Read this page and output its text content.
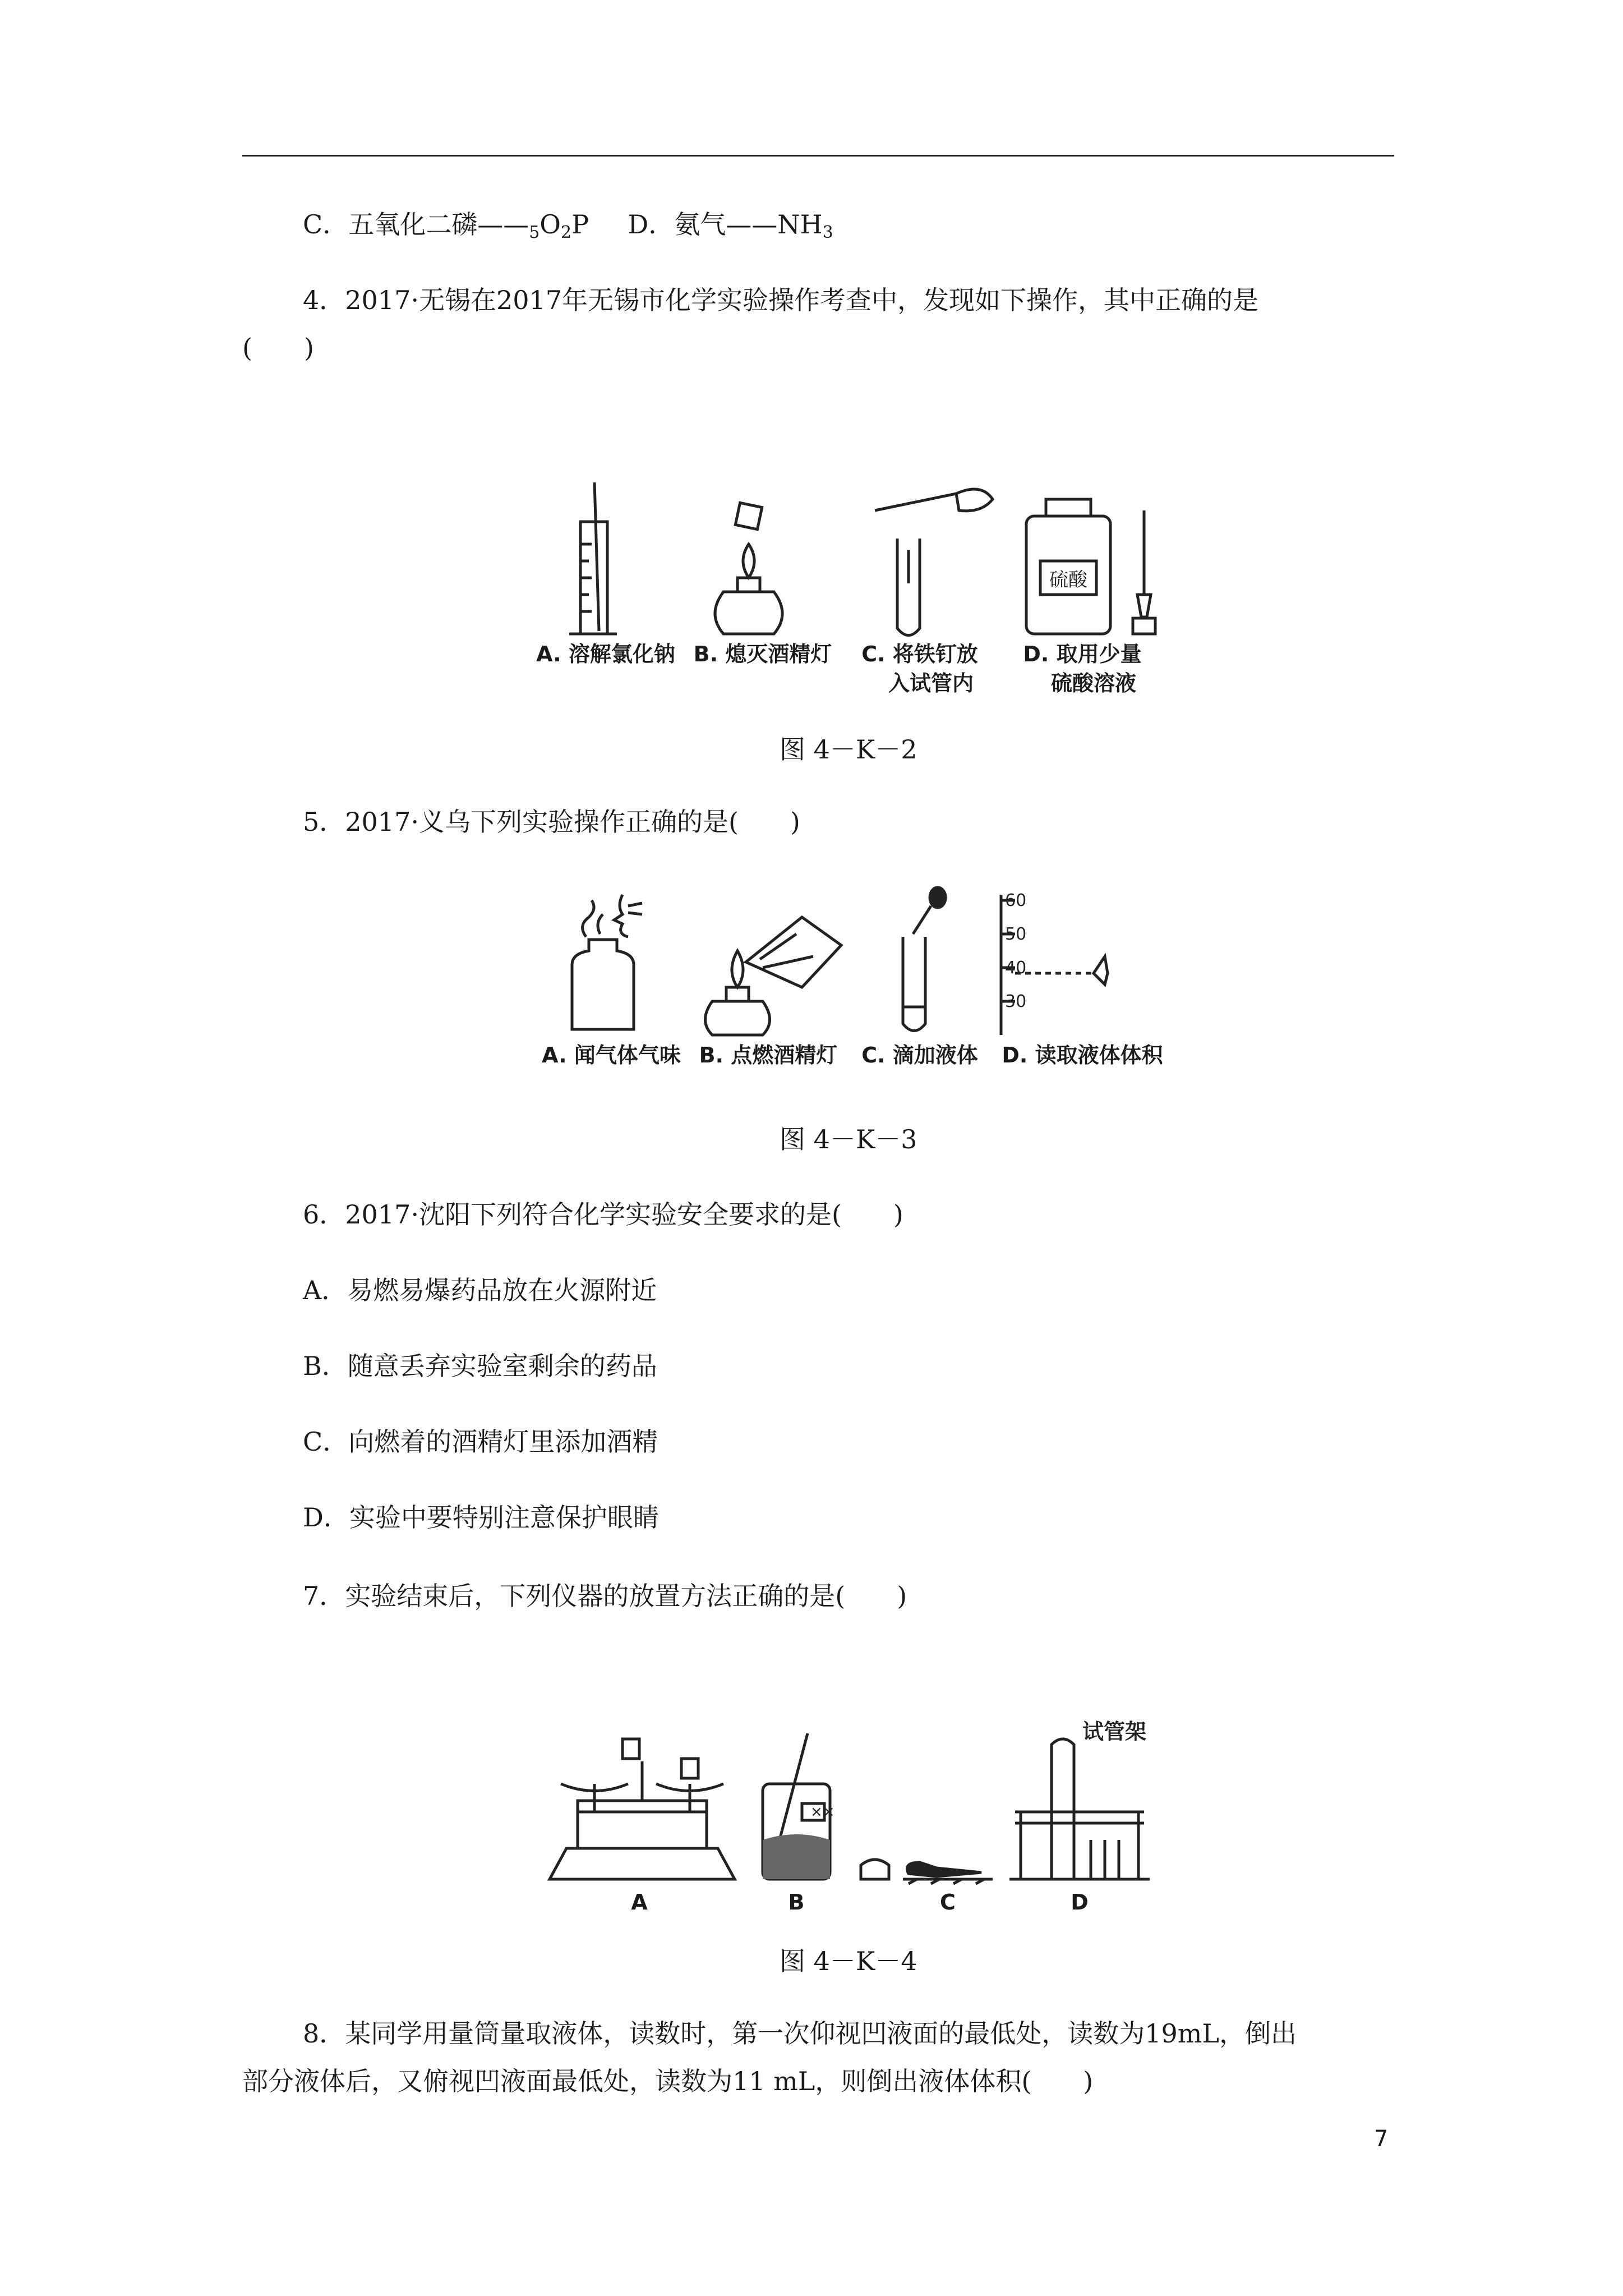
C．五氧化二磷$——_5O_2P$ D．氨气$——NH_3$
4．2017·无锡在2017年无锡市化学实验操作考查中，发现如下操作，其中正确的是
(　　)
硫酸
A. 溶解氯化钠 B. 熄灭酒精灯	C. 将铁钉放
入试管内
D. 取用少量
硫酸溶液
图 4－K－2
5．2017·义乌下列实验操作正确的是(　　)
60
50
40
30
A. 闻气体气味 B. 点燃酒精灯	C. 滴加液体	D. 读取液体体积
图 4－K－3
6．2017·沈阳下列符合化学实验安全要求的是(　　)
A．易燃易爆药品放在火源附近
B．随意丢弃实验室剩余的药品
C．向燃着的酒精灯里添加酒精
D．实验中要特别注意保护眼睛
7．实验结束后，下列仪器的放置方法正确的是(　　)
××
试管架
A	B	C	D
图 4－K－4
8．某同学用量筒量取液体，读数时，第一次仰视凹液面的最低处，读数为19mL，倒出
部分液体后，又俯视凹液面最低处，读数为11 mL，则倒出液体体积(　　)
7
